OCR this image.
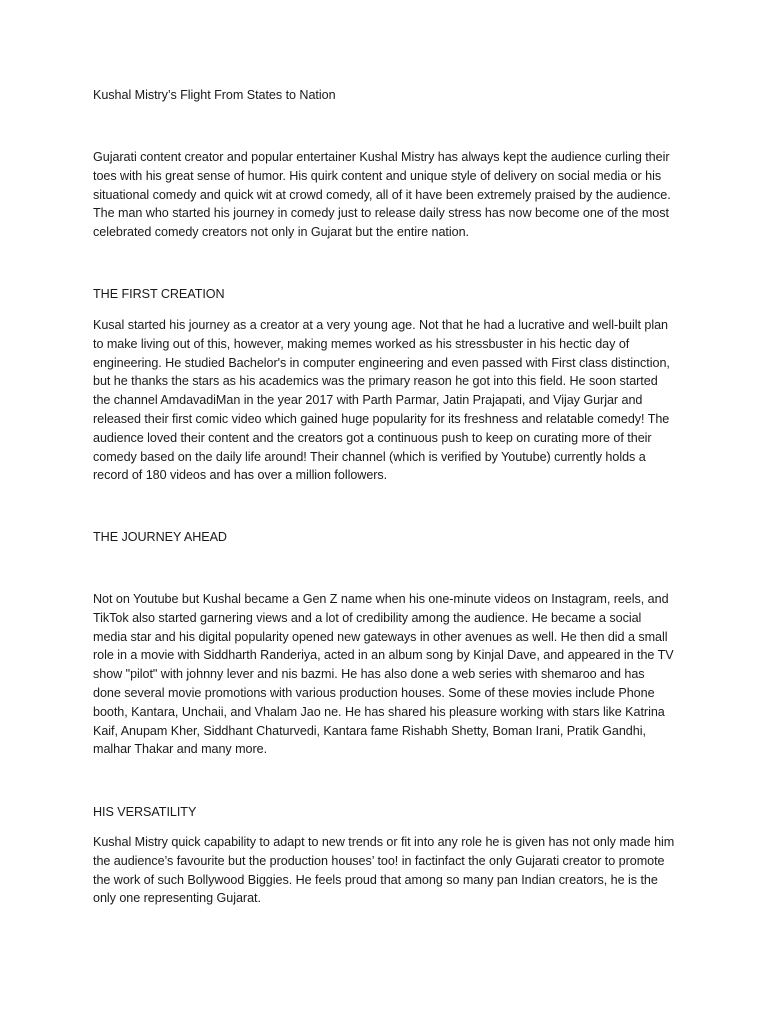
Kushal Mistry’s Flight From States to Nation

Gujarati content creator and popular entertainer Kushal Mistry has always kept the audience curling their toes with his great sense of humor. His quirk content and unique style of delivery on social media or his situational comedy and quick wit at crowd comedy, all of it have been extremely praised by the audience. The man who started his journey in comedy just to release daily stress has now become one of the most celebrated comedy creators not only in Gujarat but the entire nation.

THE FIRST CREATION

Kusal started his journey as a creator at a very young age. Not that he had a lucrative and well-built plan to make living out of this, however, making memes worked as his stressbuster in his hectic day of engineering. He studied Bachelor's in computer engineering and even passed with First class distinction, but he thanks the stars as his academics was the primary reason he got into this field. He soon started the channel AmdavadiMan in the year 2017 with Parth Parmar, Jatin Prajapati, and Vijay Gurjar and released their first comic video which gained huge popularity for its freshness and relatable comedy! The audience loved their content and the creators got a continuous push to keep on curating more of their comedy based on the daily life around! Their channel (which is verified by Youtube) currently holds a record of 180 videos and has over a million followers.

THE JOURNEY AHEAD

Not on Youtube but Kushal became a Gen Z name when his one-minute videos on Instagram, reels, and TikTok also started garnering views and a lot of credibility among the audience. He became a social media star and his digital popularity opened new gateways in other avenues as well. He then did a small role in a movie with Siddharth Randeriya, acted in an album song by Kinjal Dave, and appeared in the TV show "pilot" with johnny lever and nis bazmi. He has also done a web series with shemaroo and has done several movie promotions with various production houses. Some of these movies include Phone booth, Kantara, Unchaii, and Vhalam Jao ne. He has shared his pleasure working with stars like Katrina Kaif, Anupam Kher, Siddhant Chaturvedi, Kantara fame Rishabh Shetty, Boman Irani, Pratik Gandhi, malhar Thakar and many more.

HIS VERSATILITY

Kushal Mistry quick capability to adapt to new trends or fit into any role he is given has not only made him the audience’s favourite but the production houses’ too! in factinfact the only Gujarati creator to promote the work of such Bollywood Biggies. He feels proud that among so many pan Indian creators, he is the only one representing Gujarat.
